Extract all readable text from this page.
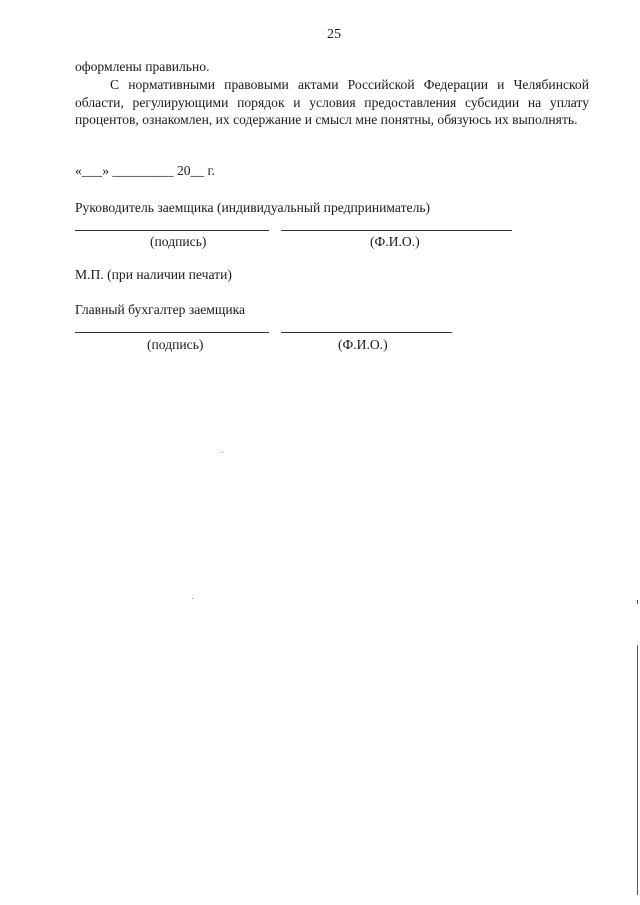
25
оформлены правильно.
С нормативными правовыми актами Российской Федерации и Челябинской области, регулирующими порядок и условия предоставления субсидии на уплату процентов, ознакомлен, их содержание и смысл мне понятны, обязуюсь их выполнять.
«___» _________ 20__ г.
Руководитель заемщика (индивидуальный предприниматель)
(подпись)	(Ф.И.О.)
М.П. (при наличии печати)
Главный бухгалтер заемщика
(подпись)	(Ф.И.О.)
